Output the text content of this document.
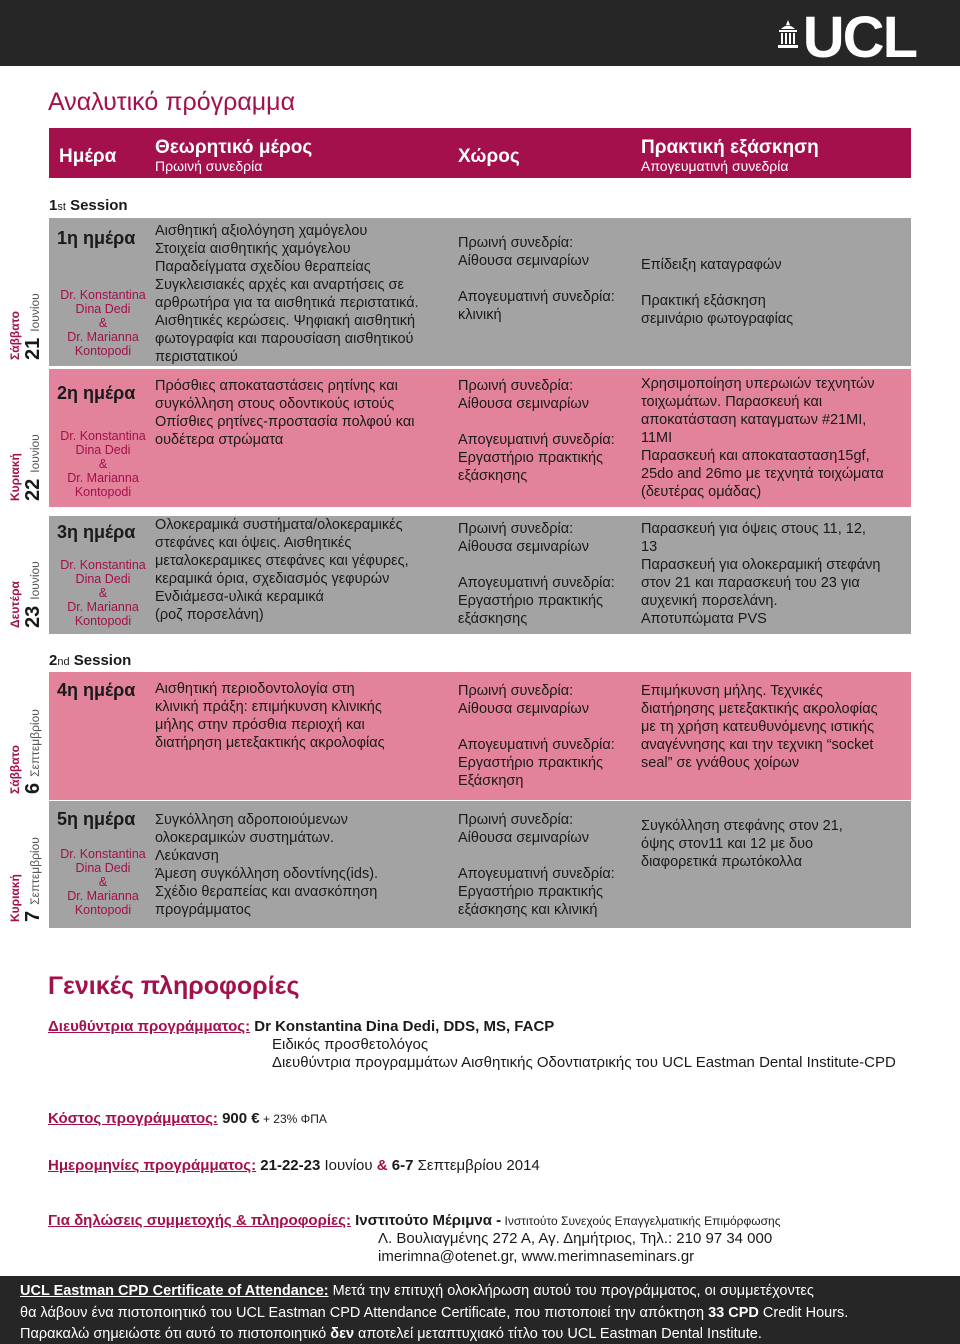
UCL
Αναλυτικό πρόγραμμα
Ημέρα Θεωρητικό μέρος
Πρωινή συνεδρία	Χώρος	Πρακτική εξάσκηση
Απογευματινή συνεδρία
1st Session
2nd Session
1η ημέρα
Dr. Konstantina
Dina Dedi
&
Dr. Marianna
Kontopodi
Αισθητική αξιολόγηση χαμόγελου
Στοιχεία αισθητικής χαμόγελου
Παραδείγματα σχεδίου θεραπείας
Συγκλεισιακές αρχές και αναρτήσεις σε
αρθρωτήρα για τα αισθητικά περιστατικά.
Αισθητικές κερώσεις. Ψηφιακή αισθητική
φωτογραφία και παρουσίαση αισθητικού
περιστατικού
Πρωινή συνεδρία:
Αίθουσα σεμιναρίων
Απογευματινή συνεδρία:
κλινική
Επίδειξη καταγραφών
Πρακτική εξάσκηση
σεμινάριο φωτογραφίας
2η ημέρα
Dr. Konstantina
Dina Dedi
&
Dr. Marianna
Kontopodi
Πρόσθιες αποκαταστάσεις ρητίνης και
συγκόλληση στους οδοντικούς ιστούς
Οπίσθιες ρητίνες-προστασία πολφού και
ουδέτερα στρώματα
Πρωινή συνεδρία:
Αίθουσα σεμιναρίων
Απογευματινή συνεδρία:
Εργαστήριο πρακτικής
εξάσκησης
Χρησιμοποίηση υπερωιών τεχνητών
τοιχωμάτων. Παρασκευή και
αποκατάσταση καταγματων #21MI,
11MI
Παρασκευή και αποκατασταση15gf,
25do and 26mo με τεχνητά τοιχώματα
(δευτέρας ομάδας)
3η ημέρα
Dr. Konstantina
Dina Dedi
&
Dr. Marianna
Kontopodi
Ολοκεραμικά συστήματα/ολοκεραμικές
στεφάνες και όψεις. Αισθητικές
μεταλοκεραμικες στεφάνες και γέφυρες,
κεραμικά όρια, σχεδιασμός γεφυρών
Ενδιάμεσα-υλικά κεραμικά
(ροζ πορσελάνη)
Πρωινή συνεδρία:
Αίθουσα σεμιναρίων
Απογευματινή συνεδρία:
Εργαστήριο πρακτικής
εξάσκησης
Παρασκευή για όψεις στους 11, 12,
13
Παρασκευή για ολοκεραμική στεφάνη
στον 21 και παρασκευή του 23 για
αυχενική πορσελάνη.
Αποτυπώματα PVS
4η ημέρα Αισθητική περιοδοντολογία στη
κλινική πράξη: επιμήκυνση κλινικής
μήλης στην πρόσθια περιοχή και
διατήρηση μετεξακτικής ακρολοφίας
Πρωινή συνεδρία:
Αίθουσα σεμιναρίων
Απογευματινή συνεδρία:
Εργαστήριο πρακτικής
Εξάσκηση
Επιμήκυνση μήλης. Τεχνικές
διατήρησης μετεξακτικής ακρολοφίας
με τη χρήση κατευθυνόμενης ιστικής
αναγέννησης και την τεχνικη “socket
seal” σε γνάθους χοίρων
5η ημέρα
Dr. Konstantina
Dina Dedi
&
Dr. Marianna
Kontopodi
Συγκόλληση αδροποιούμενων
ολοκεραμικών συστημάτων.
Λεύκανση
Άμεση συγκόλληση οδοντίνης(ids).
Σχέδιο θεραπείας και ανασκόπηση
προγράμματος
Πρωινή συνεδρία:
Αίθουσα σεμιναρίων
Απογευματινή συνεδρία:
Εργαστήριο πρακτικής
εξάσκησης και κλινική
Συγκόλληση στεφάνης στον 21,
όψης στον11 και 12 με δυο
διαφορετικά πρωτόκολλα
Γενικές πληροφορίες
Διευθύντρια προγράμματος: Dr Konstantina Dina Dedi, DDS, MS, FACP
Ειδικός προσθετολόγος
Διευθύντρια προγραμμάτων Αισθητικής Οδοντιατρικής του UCL Eastman Dental Institute-CPD
Κόστος προγράμματος: 900 € + 23% ΦΠΑ
Ημερομηνίες προγράμματος: 21-22-23 Ιουνίου & 6-7 Σεπτεμβρίου 2014
Για δηλώσεις συμμετοχής & πληροφορίες: Ινστιτούτο Μέριμνα - Ινστιτούτο Συνεχούς Επαγγελματικής Επιμόρφωσης
Λ. Βουλιαγμένης 272 Α, Αγ. Δημήτριος, Τηλ.: 210 97 34 000
imerimna@otenet.gr, www.merimnaseminars.gr
UCL Eastman CPD Certificate of Attendance: Μετά την επιτυχή ολοκλήρωση αυτού του προγράμματος, οι συμμετέχοντες
θα λάβουν ένα πιστοποιητικό του UCL Eastman CPD Attendance Certificate, που πιστοποιεί την απόκτηση 33 CPD Credit Hours.
Παρακαλώ σημειώστε ότι αυτό το πιστοποιητικό δεν αποτελεί μεταπτυχιακό τίτλο του UCL Eastman Dental Institute.
Σάββατο 21Ιουνίου
Κυριακή 22Ιουνίου
Δευτέρα 23Ιουνίου
Σάββατο 6Σεπτεμβρίου
Κυριακή 7Σεπτεμβρίου
